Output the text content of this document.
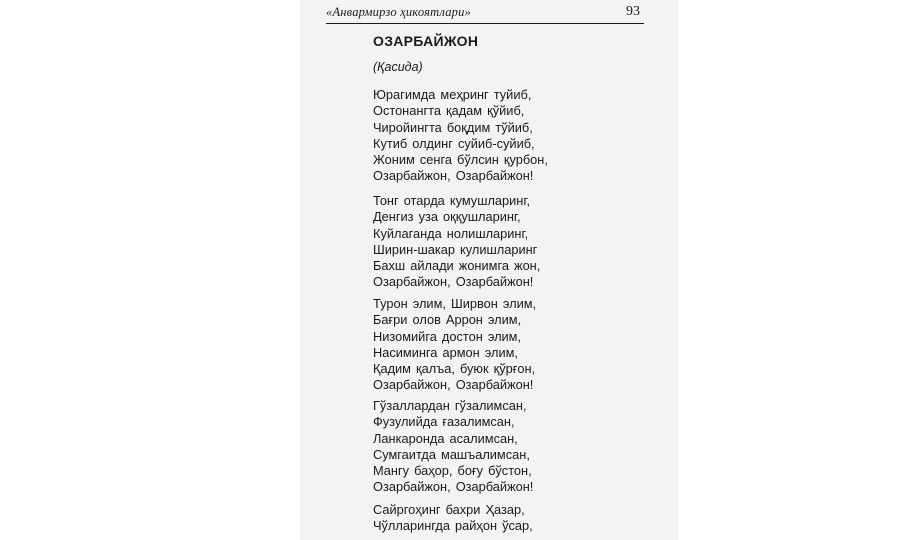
«Анвармирзо ҳикоятлари»	93
ОЗАРБАЙЖОН
(Қасида)
Юрагимда меҳринг туйиб,
Остонангта қадам қўйиб,
Чиройингта боқдим тўйиб,
Кутиб олдинг суйиб-суйиб,
Жоним сенга бўлсин қурбон,
Озарбайжон, Озарбайжон!
Тонг отарда кумушларинг,
Денгиз уза оққушларинг,
Куйлаганда нолишларинг,
Ширин-шакар кулишларинг
Бахш айлади жонимга жон,
Озарбайжон, Озарбайжон!
Турон элим, Ширвон элим,
Бағри олов Аррон элим,
Низомийга достон элим,
Насиминга армон элим,
Қадим қалъа, буюк қўрғон,
Озарбайжон, Озарбайжон!
Гўзаллардан гўзалимсан,
Фузулийда ғазалимсан,
Ланкаронда асалимсан,
Сумгаитда машъалимсан,
Мангу баҳор, боғу бўстон,
Озарбайжон, Озарбайжон!
Сайргоҳинг бахри Ҳазар,
Чўлларингда райҳон ўсар,
